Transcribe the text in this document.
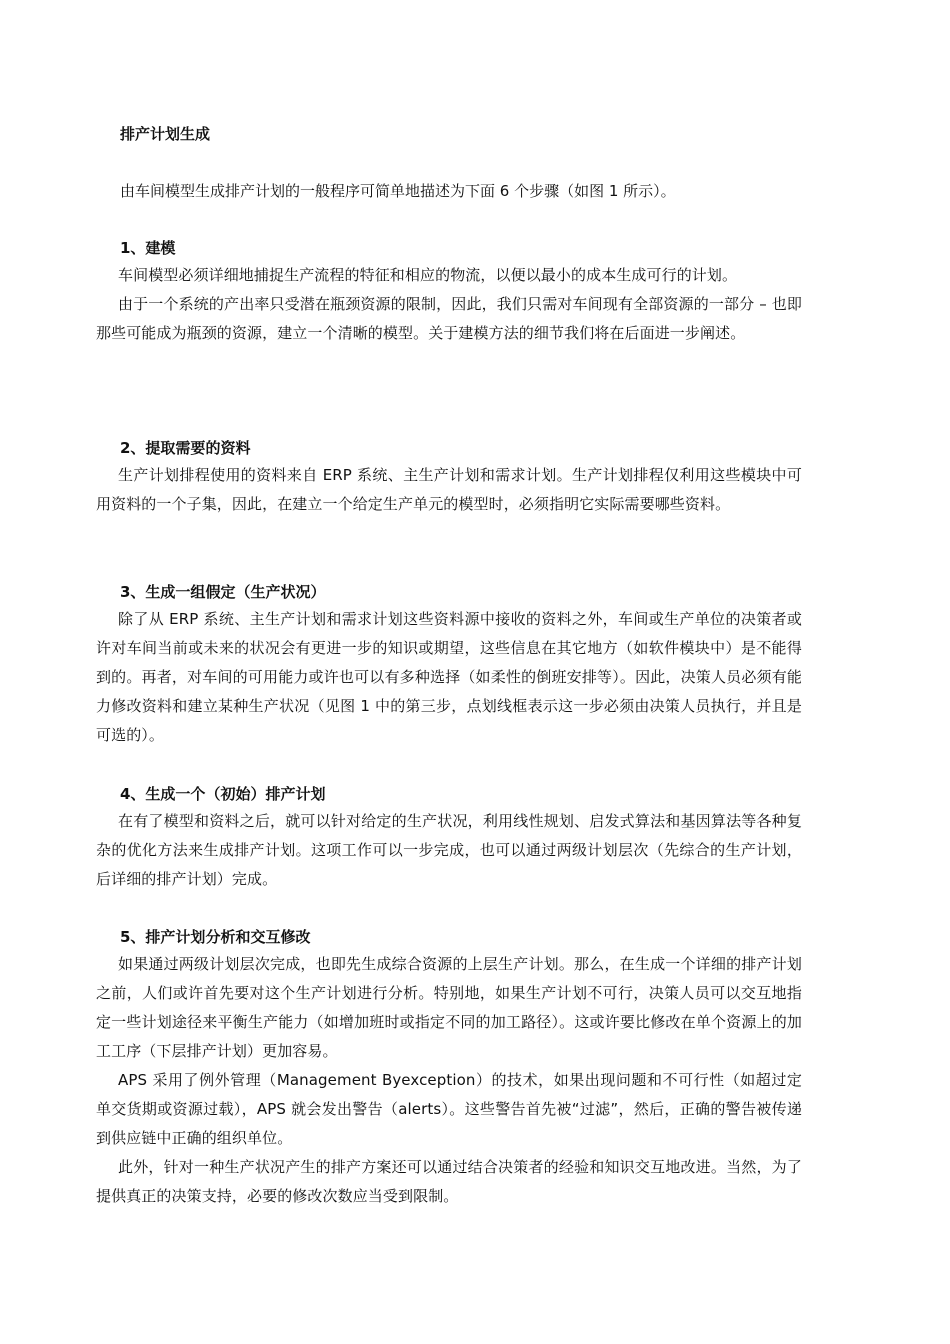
排产计划生成

由车间模型生成排产计划的一般程序可简单地描述为下面 6 个步骤（如图 1 所示）。

1、建模

车间模型必须详细地捕捉生产流程的特征和相应的物流，以便以最小的成本生成可行的计划。

由于一个系统的产出率只受潜在瓶颈资源的限制，因此，我们只需对车间现有全部资源的一部分 – 也即那些可能成为瓶颈的资源，建立一个清晰的模型。关于建模方法的细节我们将在后面进一步阐述。

2、提取需要的资料

生产计划排程使用的资料来自 ERP 系统、主生产计划和需求计划。生产计划排程仅利用这些模块中可用资料的一个子集，因此，在建立一个给定生产单元的模型时，必须指明它实际需要哪些资料。

3、生成一组假定（生产状况）

除了从 ERP 系统、主生产计划和需求计划这些资料源中接收的资料之外，车间或生产单位的决策者或许对车间当前或未来的状况会有更进一步的知识或期望，这些信息在其它地方（如软件模块中）是不能得到的。再者，对车间的可用能力或许也可以有多种选择（如柔性的倒班安排等）。因此，决策人员必须有能力修改资料和建立某种生产状况（见图 1 中的第三步，点划线框表示这一步必须由决策人员执行，并且是可选的）。

4、生成一个（初始）排产计划

在有了模型和资料之后，就可以针对给定的生产状况，利用线性规划、启发式算法和基因算法等各种复杂的优化方法来生成排产计划。这项工作可以一步完成，也可以通过两级计划层次（先综合的生产计划，后详细的排产计划）完成。

5、排产计划分析和交互修改

如果通过两级计划层次完成，也即先生成综合资源的上层生产计划。那么，在生成一个详细的排产计划之前，人们或许首先要对这个生产计划进行分析。特别地，如果生产计划不可行，决策人员可以交互地指定一些计划途径来平衡生产能力（如增加班时或指定不同的加工路径）。这或许要比修改在单个资源上的加工工序（下层排产计划）更加容易。

APS 采用了例外管理（Management Byexception）的技术，如果出现问题和不可行性（如超过定单交货期或资源过载），APS 就会发出警告（alerts）。这些警告首先被“过滤”，然后，正确的警告被传递到供应链中正确的组织单位。

此外，针对一种生产状况产生的排产方案还可以通过结合决策者的经验和知识交互地改进。当然，为了提供真正的决策支持，必要的修改次数应当受到限制。
